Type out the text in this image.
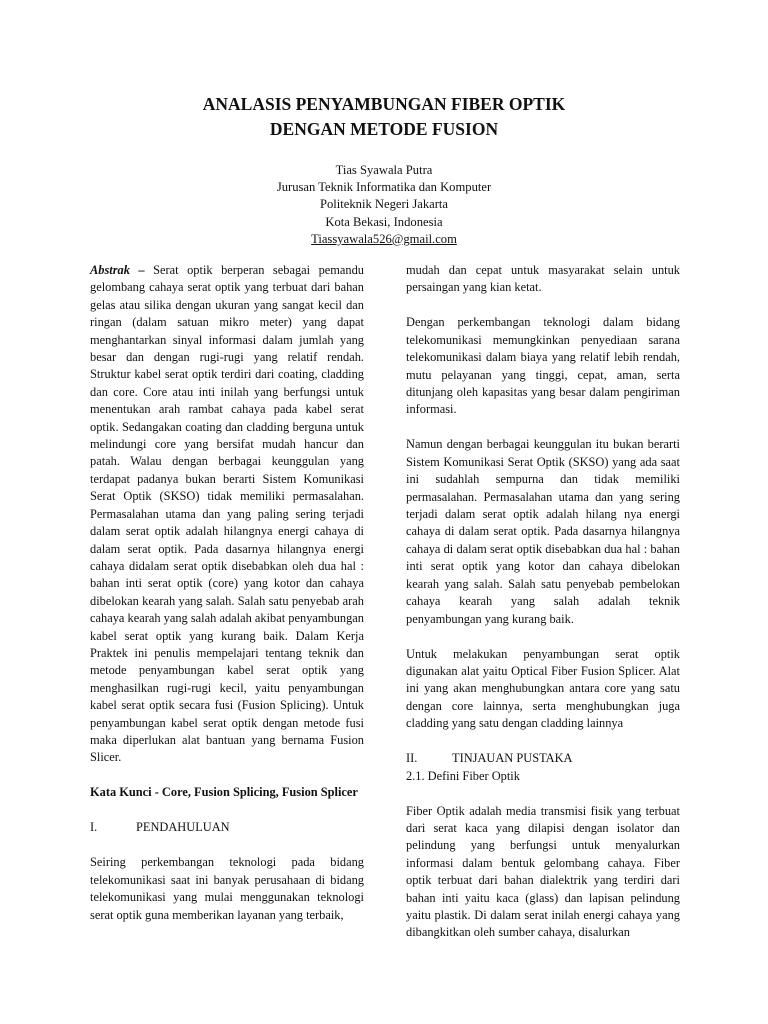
ANALASIS PENYAMBUNGAN FIBER OPTIK
DENGAN METODE FUSION
Tias Syawala Putra
Jurusan Teknik Informatika dan Komputer
Politeknik Negeri Jakarta
Kota Bekasi, Indonesia
Tiassyawala526@gmail.com

Abstrak – Serat optik berperan sebagai pemandu gelombang cahaya serat optik yang terbuat dari bahan gelas atau silika dengan ukuran yang sangat kecil dan ringan (dalam satuan mikro meter) yang dapat menghantarkan sinyal informasi dalam jumlah yang besar dan dengan rugi-rugi yang relatif rendah. Struktur kabel serat optik terdiri dari coating, cladding dan core. Core atau inti inilah yang berfungsi untuk menentukan arah rambat cahaya pada kabel serat optik. Sedangakan coating dan cladding berguna untuk melindungi core yang bersifat mudah hancur dan patah. Walau dengan berbagai keunggulan yang terdapat padanya bukan berarti Sistem Komunikasi Serat Optik (SKSO) tidak memiliki permasalahan. Permasalahan utama dan yang paling sering terjadi dalam serat optik adalah hilangnya energi cahaya di dalam serat optik. Pada dasarnya hilangnya energi cahaya didalam serat optik disebabkan oleh dua hal : bahan inti serat optik (core) yang kotor dan cahaya dibelokan kearah yang salah. Salah satu penyebab arah cahaya kearah yang salah adalah akibat penyambungan kabel serat optik yang kurang baik. Dalam Kerja Praktek ini penulis mempelajari tentang teknik dan metode penyambungan kabel serat optik yang menghasilkan rugi-rugi kecil, yaitu penyambungan kabel serat optik secara fusi (Fusion Splicing). Untuk penyambungan kabel serat optik dengan metode fusi maka diperlukan alat bantuan yang bernama Fusion Slicer.

Kata Kunci - Core, Fusion Splicing, Fusion Splicer

I.	PENDAHULUAN

Seiring perkembangan teknologi pada bidang telekomunikasi saat ini banyak perusahaan di bidang telekomunikasi yang mulai menggunakan teknologi serat optik guna memberikan layanan yang terbaik,

mudah dan cepat untuk masyarakat selain untuk persaingan yang kian ketat.

Dengan perkembangan teknologi dalam bidang telekomunikasi memungkinkan penyediaan sarana telekomunikasi dalam biaya yang relatif lebih rendah, mutu pelayanan yang tinggi, cepat, aman, serta ditunjang oleh kapasitas yang besar dalam pengiriman informasi.

Namun dengan berbagai keunggulan itu bukan berarti Sistem Komunikasi Serat Optik (SKSO) yang ada saat ini sudahlah sempurna dan tidak memiliki permasalahan. Permasalahan utama dan yang sering terjadi dalam serat optik adalah hilang nya energi cahaya di dalam serat optik. Pada dasarnya hilangnya cahaya di dalam serat optik disebabkan dua hal : bahan inti serat optik yang kotor dan cahaya dibelokan kearah yang salah. Salah satu penyebab pembelokan cahaya kearah yang salah adalah teknik penyambungan yang kurang baik.

Untuk melakukan penyambungan serat optik digunakan alat yaitu Optical Fiber Fusion Splicer. Alat ini yang akan menghubungkan antara core yang satu dengan core lainnya, serta menghubungkan juga cladding yang satu dengan cladding lainnya

II.	TINJAUAN PUSTAKA

2.1. Defini Fiber Optik

Fiber Optik adalah media transmisi fisik yang terbuat dari serat kaca yang dilapisi dengan isolator dan pelindung yang berfungsi untuk menyalurkan informasi dalam bentuk gelombang cahaya. Fiber optik terbuat dari bahan dialektrik yang terdiri dari bahan inti yaitu kaca (glass) dan lapisan pelindung yaitu plastik. Di dalam serat inilah energi cahaya yang dibangkitkan oleh sumber cahaya, disalurkan
